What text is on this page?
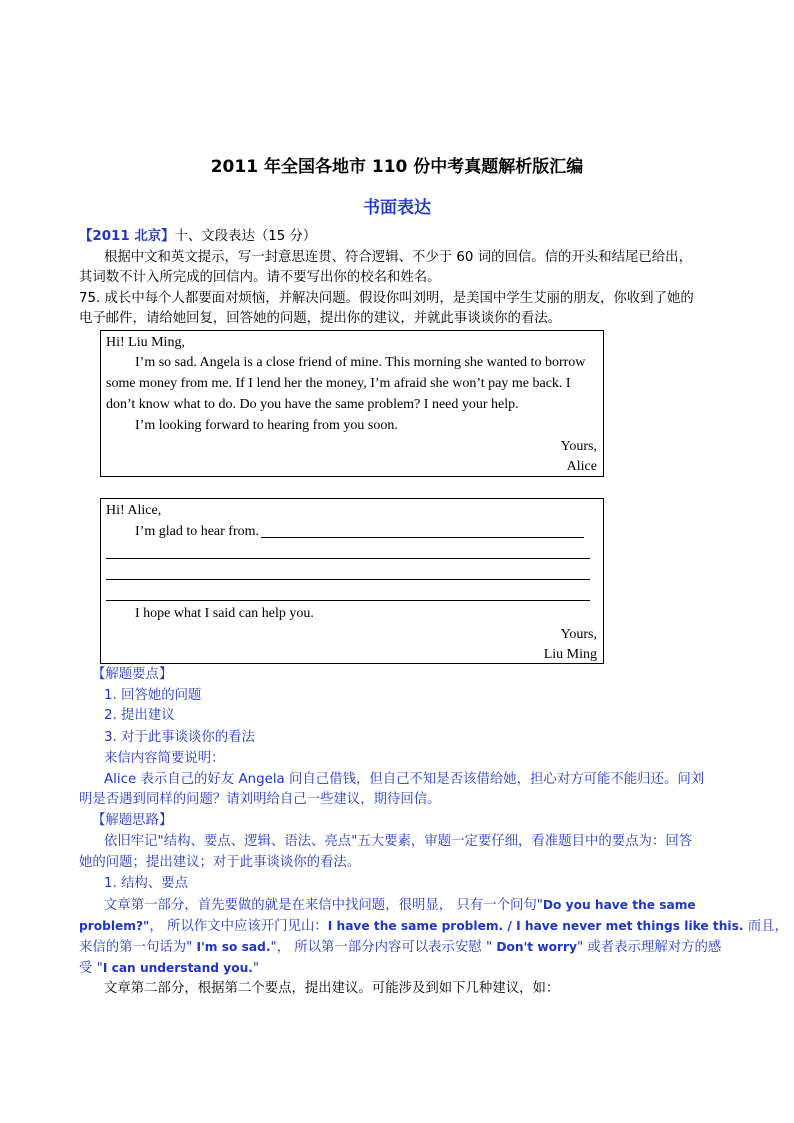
2011 年全国各地市 110 份中考真题解析版汇编
书面表达
【2011 北京】十、文段表达（15 分）
根据中文和英文提示，写一封意思连贯、符合逻辑、不少于 60 词的回信。信的开头和结尾已给出，
其词数不计入所完成的回信内。请不要写出你的校名和姓名。
75. 成长中每个人都要面对烦恼，并解决问题。假设你叫刘明，是美国中学生艾丽的朋友，你收到了她的
电子邮件，请给她回复，回答她的问题，提出你的建议，并就此事谈谈你的看法。
Hi! Liu Ming,
I’m so sad. Angela is a close friend of mine. This morning she wanted to borrow
some money from me. If I lend her the money, I’m afraid she won’t pay me back. I
don’t know what to do. Do you have the same problem? I need your help.
I’m looking forward to hearing from you soon.
Yours,
Alice
Hi! Alice,
I’m glad to hear from.
I hope what I said can help you.
Yours,
Liu Ming
【解题要点】
1. 回答她的问题
2. 提出建议
3. 对于此事谈谈你的看法
来信内容简要说明：
Alice 表示自己的好友 Angela 问自己借钱，但自己不知是否该借给她，担心对方可能不能归还。问刘
明是否遇到同样的问题？请刘明给自己一些建议，期待回信。
【解题思路】
依旧牢记"结构、要点、逻辑、语法、亮点"五大要素，审题一定要仔细，看准题目中的要点为：回答
她的问题；提出建议；对于此事谈谈你的看法。
1. 结构、要点
文章第一部分，首先要做的就是在来信中找问题，很明显， 只有一个问句"Do you have the same
problem?"， 所以作文中应该开门见山：I have the same problem. / I have never met things like this. 而且，
来信的第一句话为" I'm so sad."， 所以第一部分内容可以表示安慰 " Don't worry" 或者表示理解对方的感
受 "I can understand you."
文章第二部分，根据第二个要点，提出建议。可能涉及到如下几种建议，如：
